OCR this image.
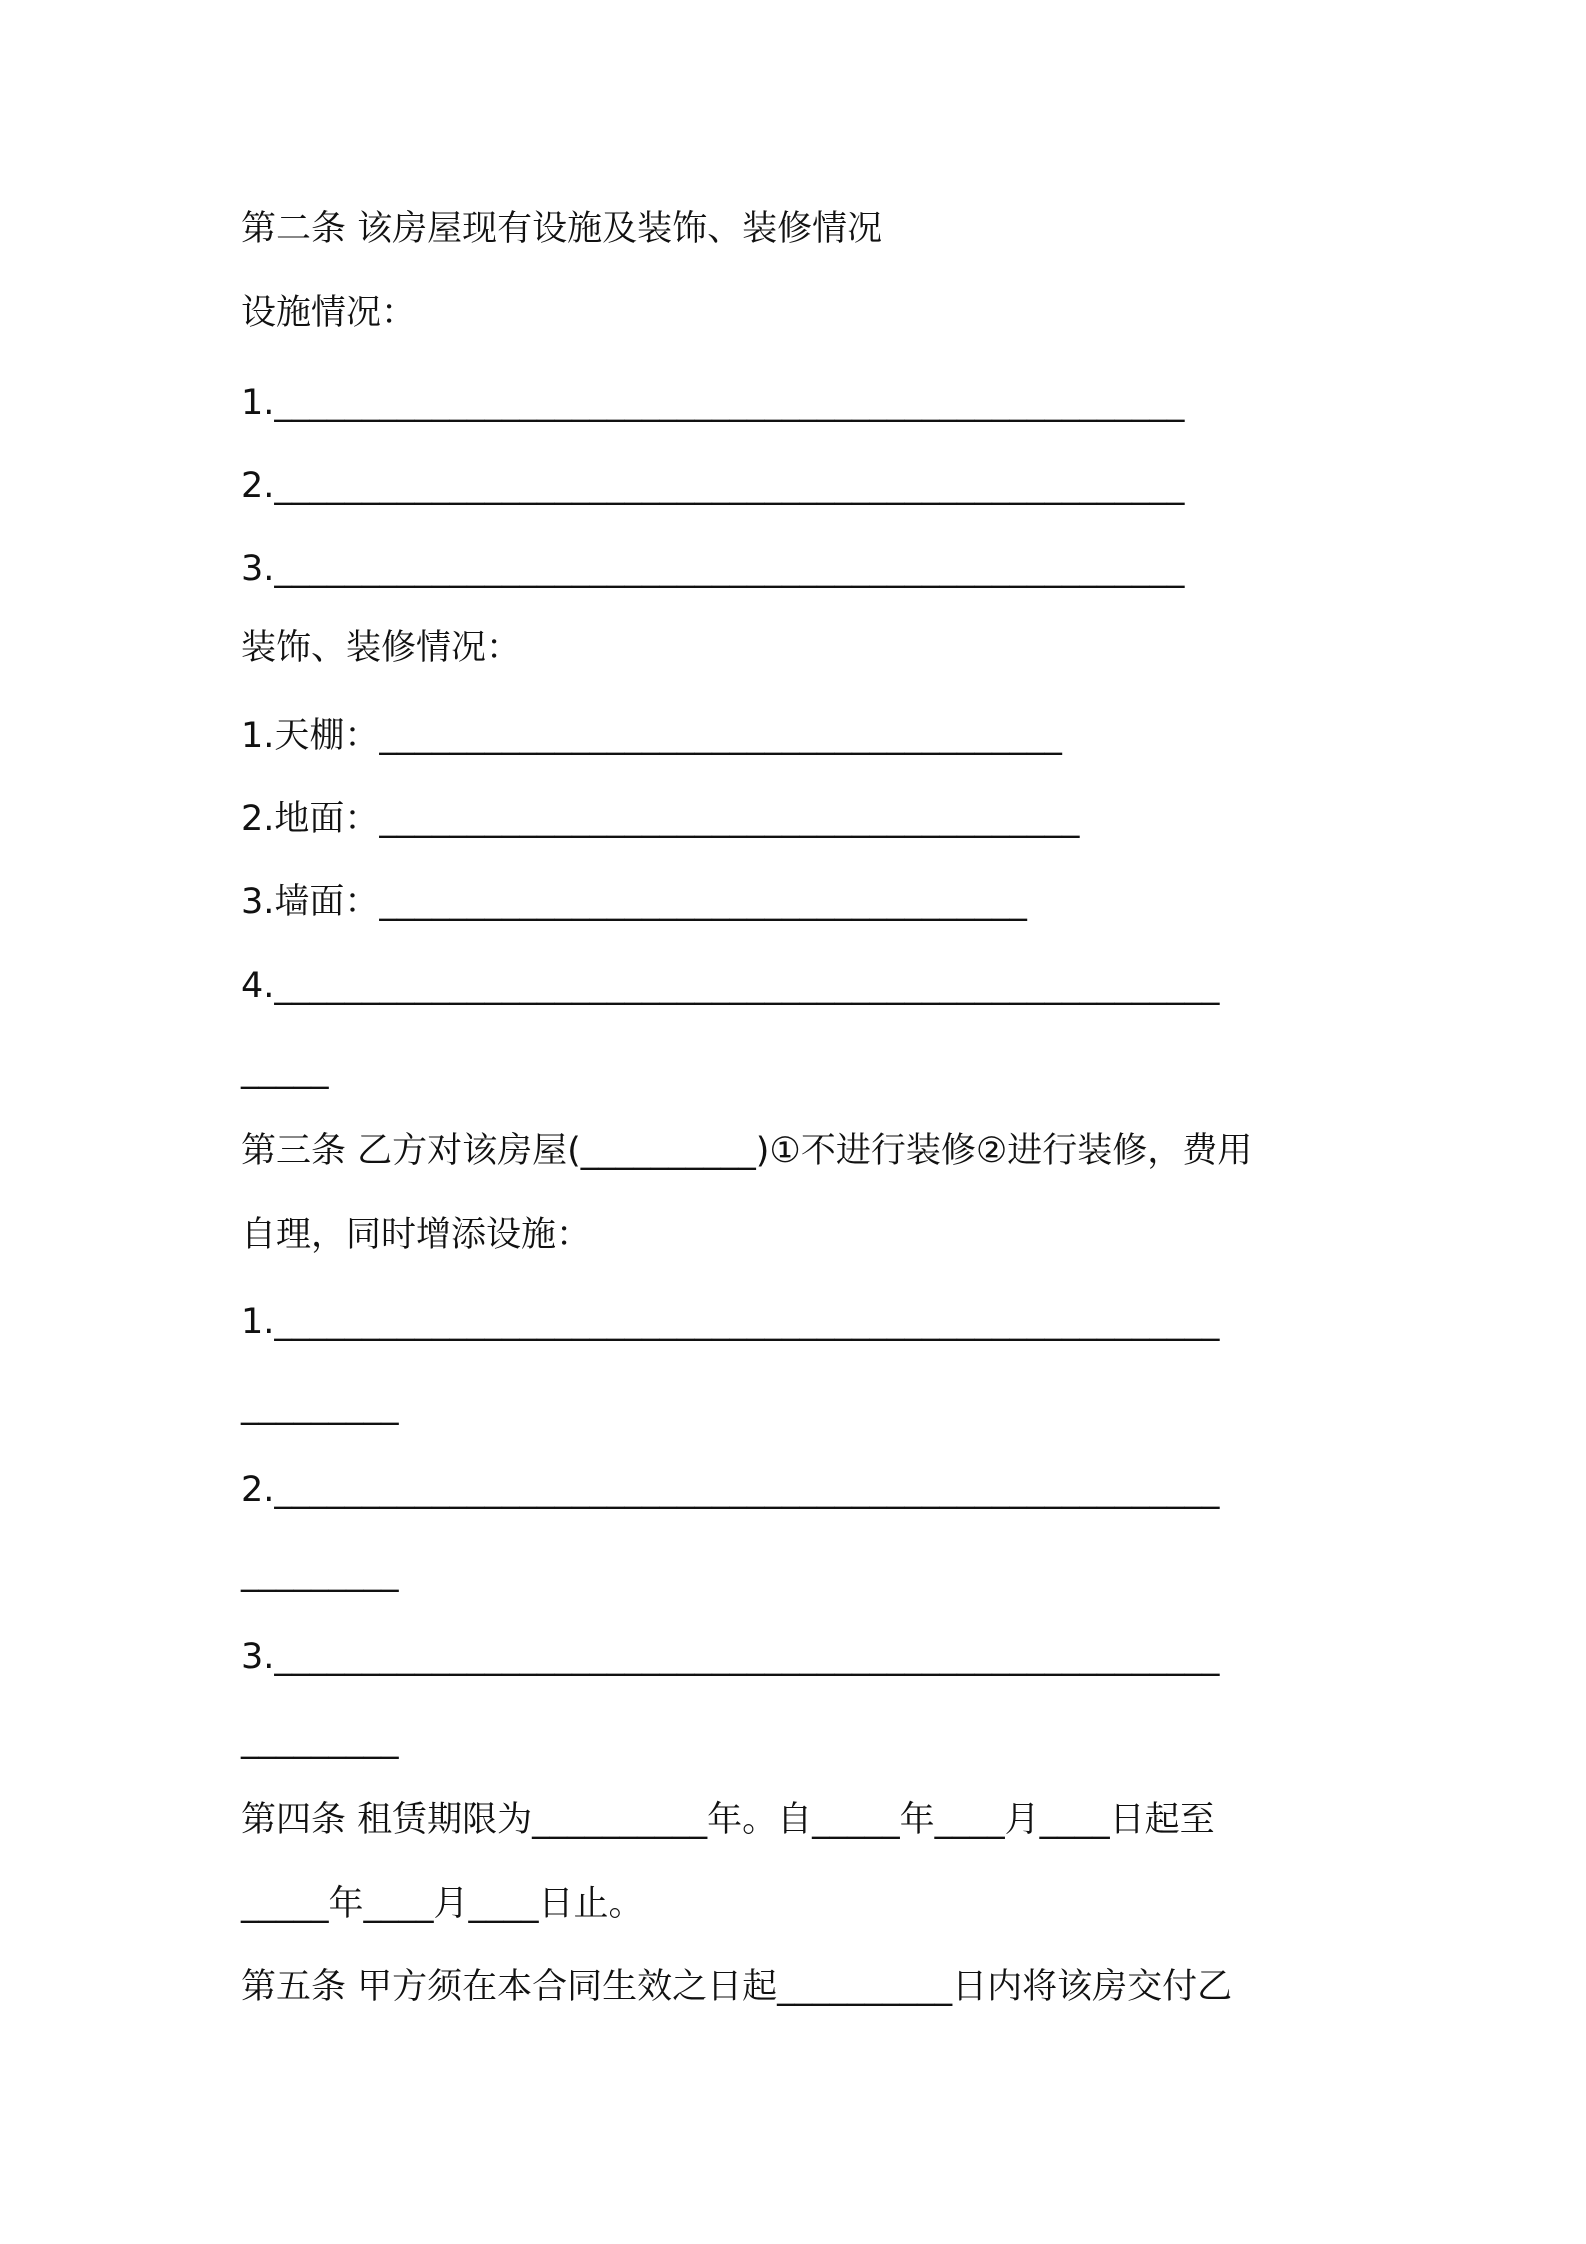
第二条 该房屋现有设施及装饰、装修情况
设施情况：
1.____________________________________________________
2.____________________________________________________
3.____________________________________________________
装饰、装修情况：
1.天棚：_______________________________________
2.地面：________________________________________
3.墙面：_____________________________________
4.______________________________________________________
_____
第三条 乙方对该房屋(__________)①不进行装修②进行装修，费用
自理，同时增添设施：
1.______________________________________________________
_________
2.______________________________________________________
_________
3.______________________________________________________
_________
第四条 租赁期限为__________年。自_____年____月____日起至
_____年____月____日止。
第五条 甲方须在本合同生效之日起__________日内将该房交付乙
